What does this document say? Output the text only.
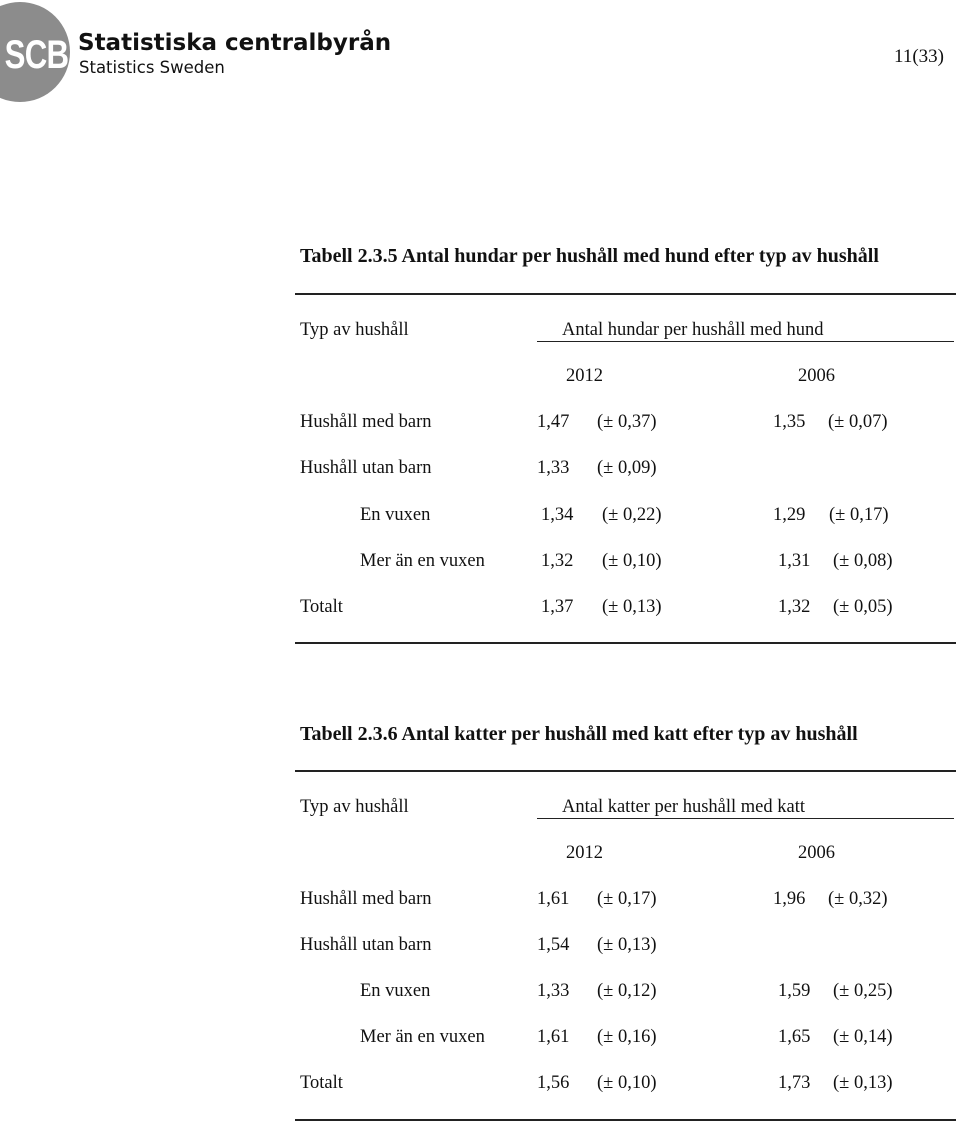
SCB Statistiska centralbyrån
Statistics Sweden
11(33)
Tabell 2.3.5 Antal hundar per hushåll med hund efter typ av hushåll
Typ av hushåll	Antal hundar per hushåll med hund
2012	2006
Hushåll med barn	1,47 (± 0,37)	1,35 (± 0,07)
Hushåll utan barn	1,33 (± 0,09)
En vuxen	1,34 (± 0,22)	1,29 (± 0,17)
Mer än en vuxen	1,32 (± 0,10)	1,31 (± 0,08)
Totalt	1,37 (± 0,13)	1,32 (± 0,05)
Tabell 2.3.6 Antal katter per hushåll med katt efter typ av hushåll
Typ av hushåll	Antal katter per hushåll med katt
2012	2006
Hushåll med barn	1,61 (± 0,17)	1,96 (± 0,32)
Hushåll utan barn	1,54 (± 0,13)
En vuxen	1,33 (± 0,12)	1,59 (± 0,25)
Mer än en vuxen	1,61 (± 0,16)	1,65 (± 0,14)
Totalt	1,56 (± 0,10)	1,73 (± 0,13)
